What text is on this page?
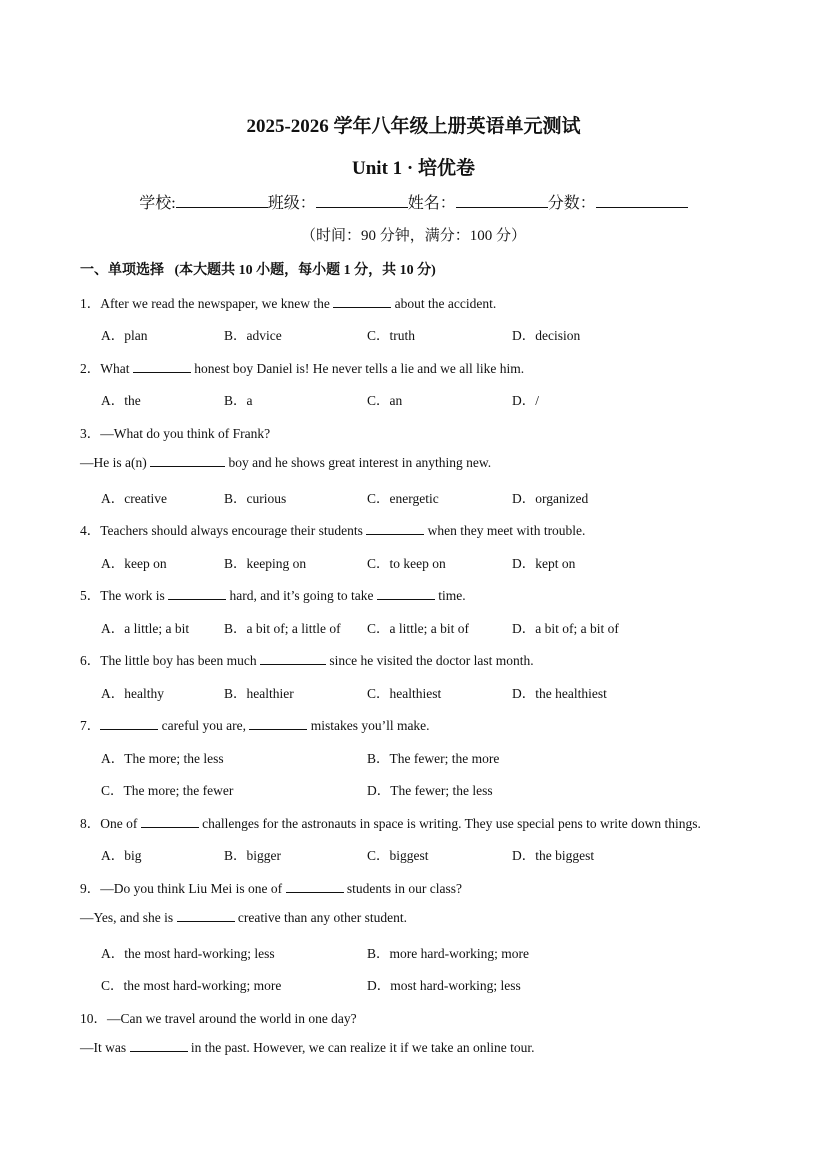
2025-2026 学年八年级上册英语单元测试
Unit 1 · 培优卷
学校:	班级：	姓名：	分数：
（时间：90 分钟，满分：100 分）
一、单项选择 (本大题共 10 小题，每小题 1 分，共 10 分)
1．After we read the newspaper, we knew the	about the accident.
A．plan	B．advice	C．truth	D．decision
2．What	honest boy Daniel is! He never tells a lie and we all like him.
A．the	B．a	C．an	D．/
3．—What do you think of Frank?
—He is a(n)	boy and he shows great interest in anything new.
A．creative	B．curious	C．energetic	D．organized
4．Teachers should always encourage their students	when they meet with trouble.
A．keep on	B．keeping on	C．to keep on	D．kept on
5．The work is	hard, and it’s going to take	time.
A．a little; a bit	B．a bit of; a little of C．a little; a bit of	D．a bit of; a bit of
6．The little boy has been much	since he visited the doctor last month.
A．healthy	B．healthier	C．healthiest	D．the healthiest
7．	careful you are,	mistakes you’ll make.
A．The more; the less	B．The fewer; the more
C．The more; the fewer	D．The fewer; the less
8．One of	challenges for the astronauts in space is writing. They use special pens to write down things.
A．big	B．bigger	C．biggest	D．the biggest
9．—Do you think Liu Mei is one of	students in our class?
—Yes, and she is	creative than any other student.
A．the most hard-working; less	B．more hard-working; more
C．the most hard-working; more	D．most hard-working; less
10．—Can we travel around the world in one day?
—It was	in the past. However, we can realize it if we take an online tour.
